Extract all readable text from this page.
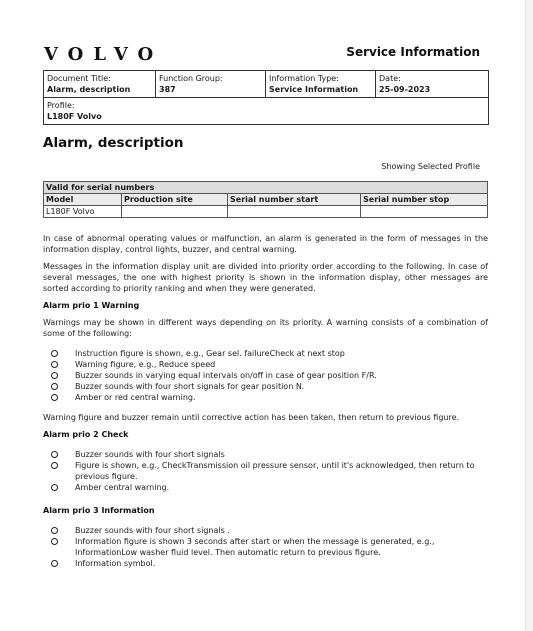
VOLVO	Service Information
Document Title:
Alarm, description
Function Group:
387
Information Type:
Service Information
Date:
25-09-2023
Profile:
L180F Volvo
Alarm, description
Showing Selected Profile
Valid for serial numbers			
Model	Production site	Serial number start	Serial number stop
L180F Volvo			

In case of abnormal operating values or malfunction, an alarm is generated in the form of messages in the information display, control lights, buzzer, and central warning.

Messages in the information display unit are divided into priority order according to the following. In case of several messages, the one with highest priority is shown in the information display, other messages are sorted according to priority ranking and when they were generated.

Alarm prio 1 Warning

Warnings may be shown in different ways depending on its priority. A warning consists of a combination of some of the following:

Instruction figure is shown, e.g., Gear sel. failureCheck at next stop
Warning figure, e.g., Reduce speed
Buzzer sounds in varying equal intervals on/off in case of gear position F/R.
Buzzer sounds with four short signals for gear position N.
Amber or red central warning.

Warning figure and buzzer remain until corrective action has been taken, then return to previous figure.

Alarm prio 2 Check
Buzzer sounds with four short signals
Figure is shown, e.g., CheckTransmission oil pressure sensor, until it's acknowledged, then return to previous figure.
Amber central warning.
Alarm prio 3 Information
Buzzer sounds with four short signals .
Information figure is shown 3 seconds after start or when the message is generated, e.g., InformationLow washer fluid level. Then automatic return to previous figure.
Information symbol.
